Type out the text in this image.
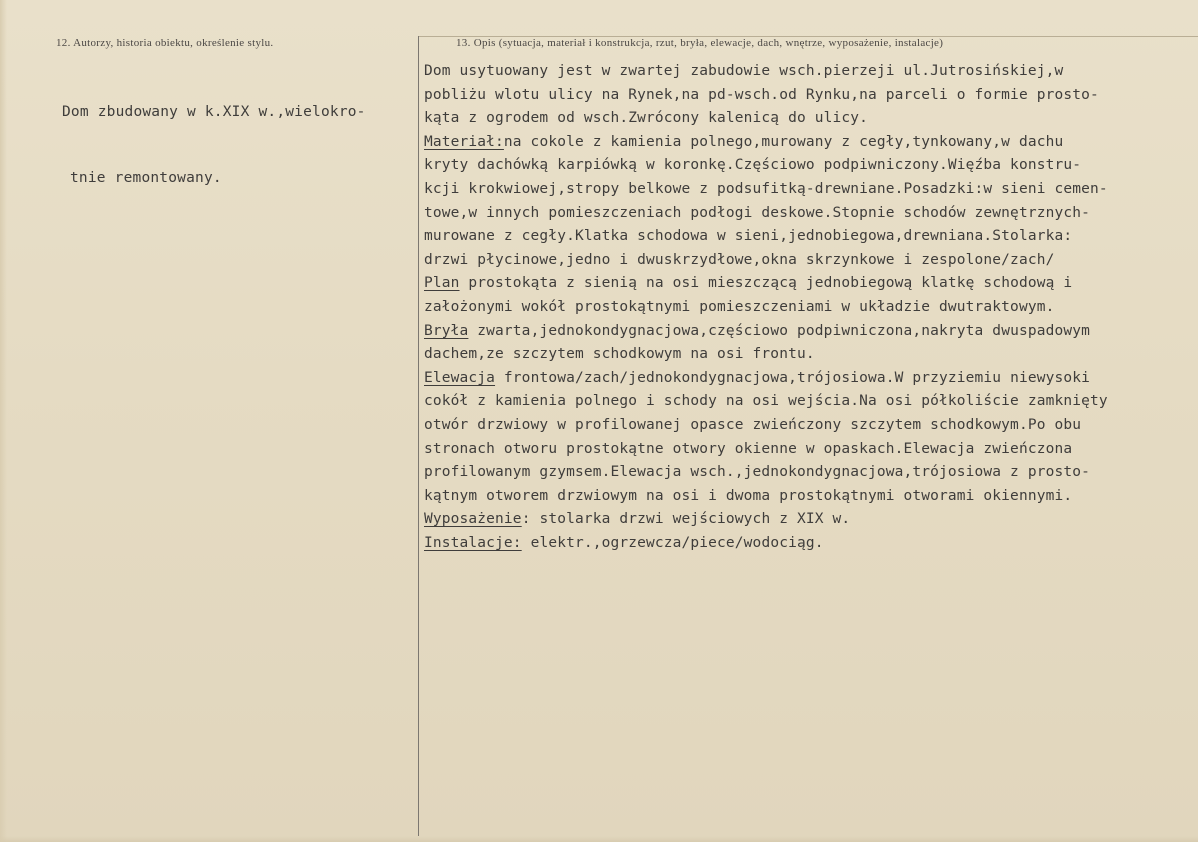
12. Autorzy, historia obiektu, określenie stylu.	13. Opis (sytuacja, materiał i konstrukcja, rzut, bryła, elewacje, dach, wnętrze, wyposażenie, instalacje)

Dom zbudowany w k.XIX w.,wielokro-

tnie remontowany.

Dom usytuowany jest w zwartej zabudowie wsch.pierzeji ul.Jutrosińskiej,w
pobliżu wlotu ulicy na Rynek,na pd-wsch.od Rynku,na parceli o formie prosto-
kąta z ogrodem od wsch.Zwrócony kalenicą do ulicy.
Materiał:na cokole z kamienia polnego,murowany z cegły,tynkowany,w dachu
kryty dachówką karpiówką w koronkę.Częściowo podpiwniczony.Więźba konstru-
kcji krokwiowej,stropy belkowe z podsufitką-drewniane.Posadzki:w sieni cemen-
towe,w innych pomieszczeniach podłogi deskowe.Stopnie schodów zewnętrznych-
murowane z cegły.Klatka schodowa w sieni,jednobiegowa,drewniana.Stolarka:
drzwi płycinowe,jedno i dwuskrzydłowe,okna skrzynkowe i zespolone/zach/
Plan prostokąta z sienią na osi mieszczącą jednobiegową klatkę schodową i
założonymi wokół prostokątnymi pomieszczeniami w układzie dwutraktowym.
Bryła zwarta,jednokondygnacjowa,częściowo podpiwniczona,nakryta dwuspadowym
dachem,ze szczytem schodkowym na osi frontu.
Elewacja frontowa/zach/jednokondygnacjowa,trójosiowa.W przyziemiu niewysoki
cokół z kamienia polnego i schody na osi wejścia.Na osi półkoliście zamknięty
otwór drzwiowy w profilowanej opasce zwieńczony szczytem schodkowym.Po obu
stronach otworu prostokątne otwory okienne w opaskach.Elewacja zwieńczona
profilowanym gzymsem.Elewacja wsch.,jednokondygnacjowa,trójosiowa z prosto-
kątnym otworem drzwiowym na osi i dwoma prostokątnymi otworami okiennymi.
Wyposażenie: stolarka drzwi wejściowych z XIX w.
Instalacje: elektr.,ogrzewcza/piece/wodociąg.
